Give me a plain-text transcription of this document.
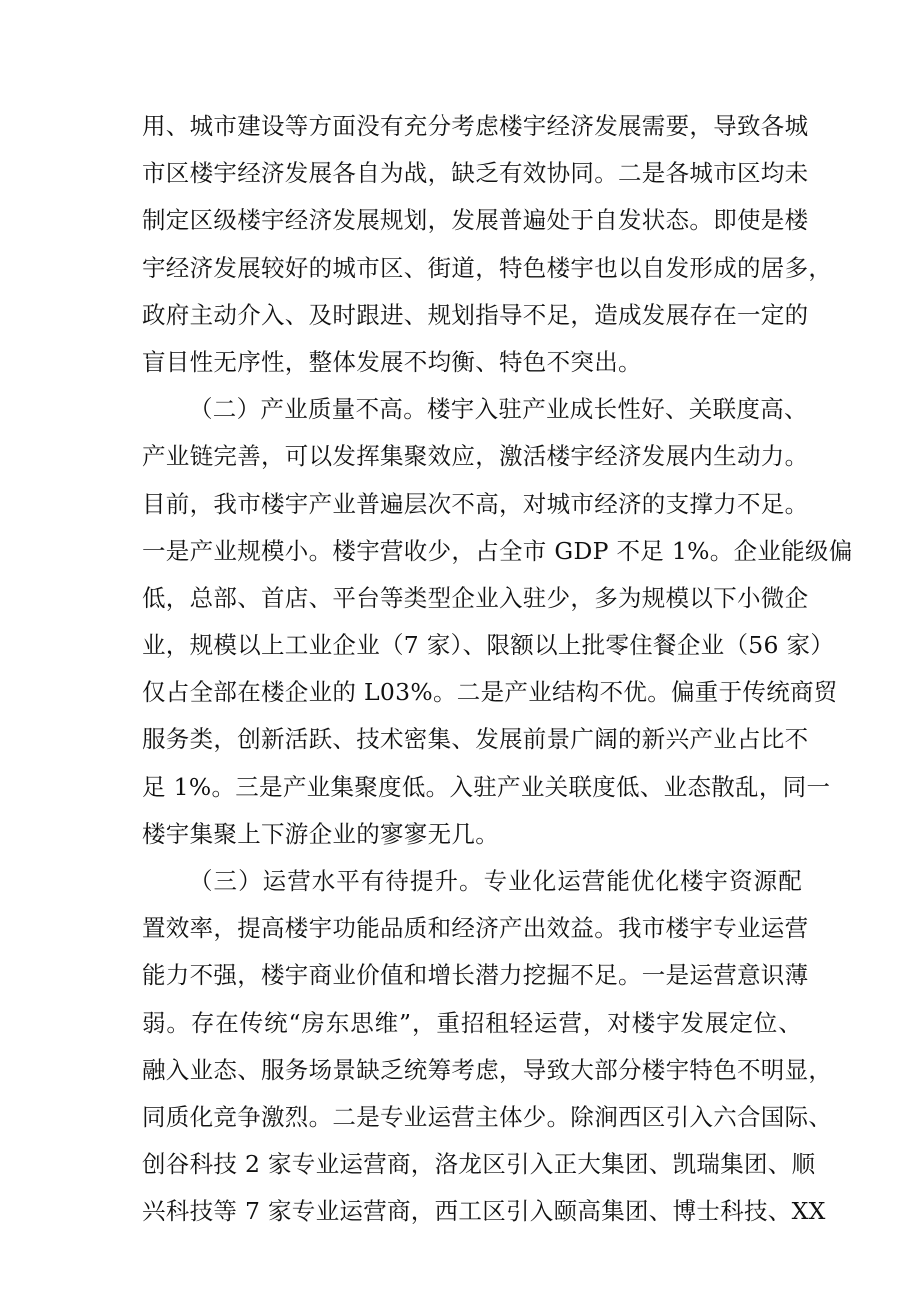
用、城市建设等方面没有充分考虑楼宇经济发展需要，导致各城
市区楼宇经济发展各自为战，缺乏有效协同。二是各城市区均未
制定区级楼宇经济发展规划，发展普遍处于自发状态。即使是楼
宇经济发展较好的城市区、街道，特色楼宇也以自发形成的居多，
政府主动介入、及时跟进、规划指导不足，造成发展存在一定的
盲目性无序性，整体发展不均衡、特色不突出。
（二）产业质量不高。楼宇入驻产业成长性好、关联度高、
产业链完善，可以发挥集聚效应，激活楼宇经济发展内生动力。
目前，我市楼宇产业普遍层次不高，对城市经济的支撑力不足。
一是产业规模小。楼宇营收少，占全市 GDP 不足 1%。企业能级偏
低，总部、首店、平台等类型企业入驻少，多为规模以下小微企
业，规模以上工业企业（7 家）、限额以上批零住餐企业（56 家）
仅占全部在楼企业的 L03%。二是产业结构不优。偏重于传统商贸
服务类，创新活跃、技术密集、发展前景广阔的新兴产业占比不
足 1%。三是产业集聚度低。入驻产业关联度低、业态散乱，同一
楼宇集聚上下游企业的寥寥无几。
（三）运营水平有待提升。专业化运营能优化楼宇资源配
置效率，提高楼宇功能品质和经济产出效益。我市楼宇专业运营
能力不强，楼宇商业价值和增长潜力挖掘不足。一是运营意识薄
弱。存在传统“房东思维”，重招租轻运营，对楼宇发展定位、
融入业态、服务场景缺乏统筹考虑，导致大部分楼宇特色不明显，
同质化竞争激烈。二是专业运营主体少。除涧西区引入六合国际、
创谷科技 2 家专业运营商，洛龙区引入正大集团、凯瑞集团、顺
兴科技等 7 家专业运营商，西工区引入颐高集团、博士科技、XX
